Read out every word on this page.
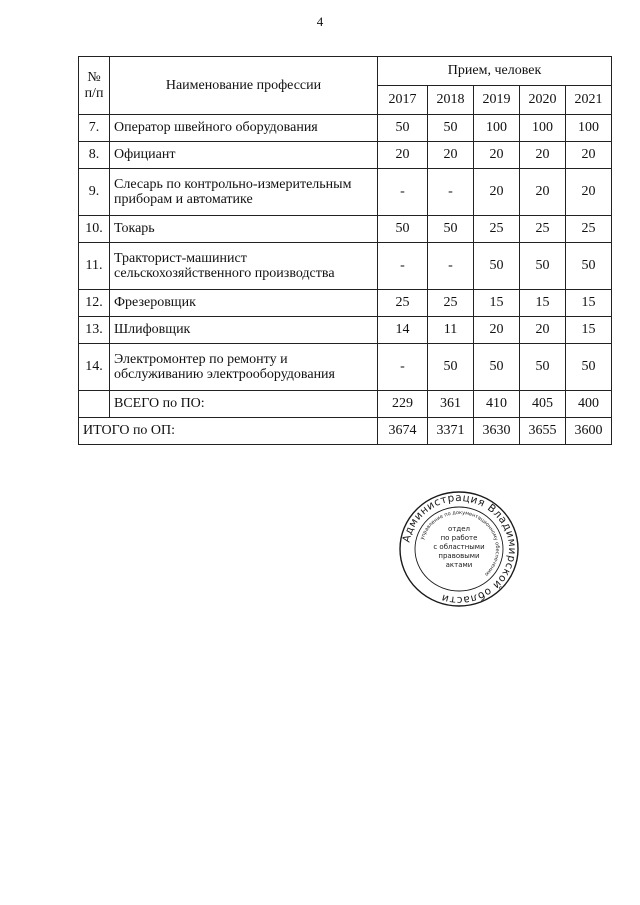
4
№ п/п	Наименование профессии	Прием, человек				
		2017	2018	2019	2020	2021
7.	Оператор швейного оборудования	50	50	100	100	100
8.	Официант	20	20	20	20	20
9.	Слесарь по контрольно-измерительным приборам и автоматике	-	-	20	20	20
10.	Токарь	50	50	25	25	25
11.	Тракторист-машинист сельскохозяйственного производства	-	-	50	50	50
12.	Фрезеровщик	25	25	15	15	15
13.	Шлифовщик	14	11	20	20	15
14.	Электромонтер по ремонту и обслуживанию электрооборудования	-	50	50	50	50
	ВСЕГО по ПО:	229	361	410	405	400
ИТОГО по ОП:		3674	3371	3630	3655	3600
Администрация Владимирской области
управление по документационному обеспечению
отдел
по работе
с областными
правовыми
актами
